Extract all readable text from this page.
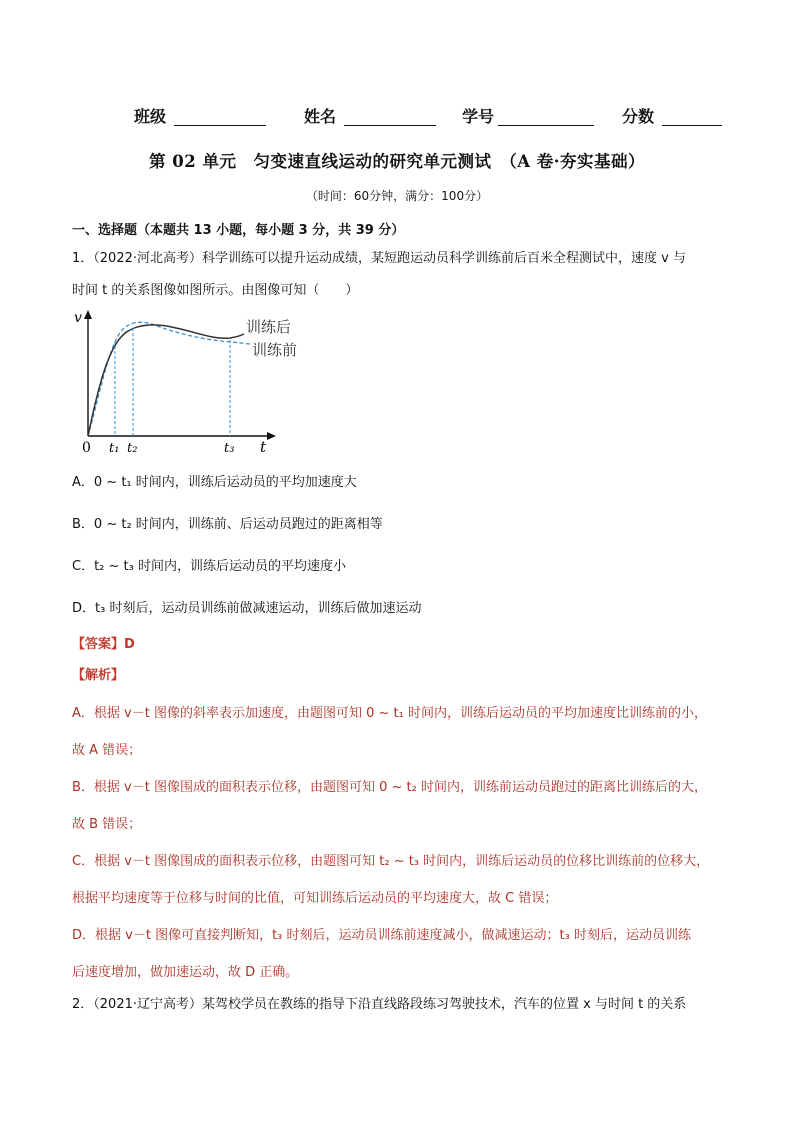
班级	姓名	学号	分数
第 02 单元　匀变速直线运动的研究单元测试　（A 卷·夯实基础）
（时间：60分钟，满分：100分）
一、选择题（本题共 13 小题，每小题 3 分，共 39 分）
1．（2022·河北高考）科学训练可以提升运动成绩，某短跑运动员科学训练前后百米全程测试中，速度 v 与
时间 t 的关系图像如图所示。由图像可知（　　）
v
t
0 t₁ t₂	t₃
训练后
训练前
A．0 ~ t₁ 时间内，训练后运动员的平均加速度大
B．0 ~ t₂ 时间内，训练前、后运动员跑过的距离相等
C．t₂ ~ t₃ 时间内，训练后运动员的平均速度小
D．t₃ 时刻后，运动员训练前做减速运动，训练后做加速运动
【答案】D
【解析】
A．根据 v－t 图像的斜率表示加速度，由题图可知 0 ~ t₁ 时间内，训练后运动员的平均加速度比训练前的小，
故 A 错误；
B．根据 v－t 图像围成的面积表示位移，由题图可知 0 ~ t₂ 时间内，训练前运动员跑过的距离比训练后的大，
故 B 错误；
C．根据 v－t 图像围成的面积表示位移，由题图可知 t₂ ~ t₃ 时间内，训练后运动员的位移比训练前的位移大，
根据平均速度等于位移与时间的比值，可知训练后运动员的平均速度大，故 C 错误；
D．根据 v－t 图像可直接判断知，t₃ 时刻后，运动员训练前速度减小，做减速运动；t₃ 时刻后，运动员训练
后速度增加，做加速运动，故 D 正确。
2．（2021·辽宁高考）某驾校学员在教练的指导下沿直线路段练习驾驶技术，汽车的位置 x 与时间 t 的关系
